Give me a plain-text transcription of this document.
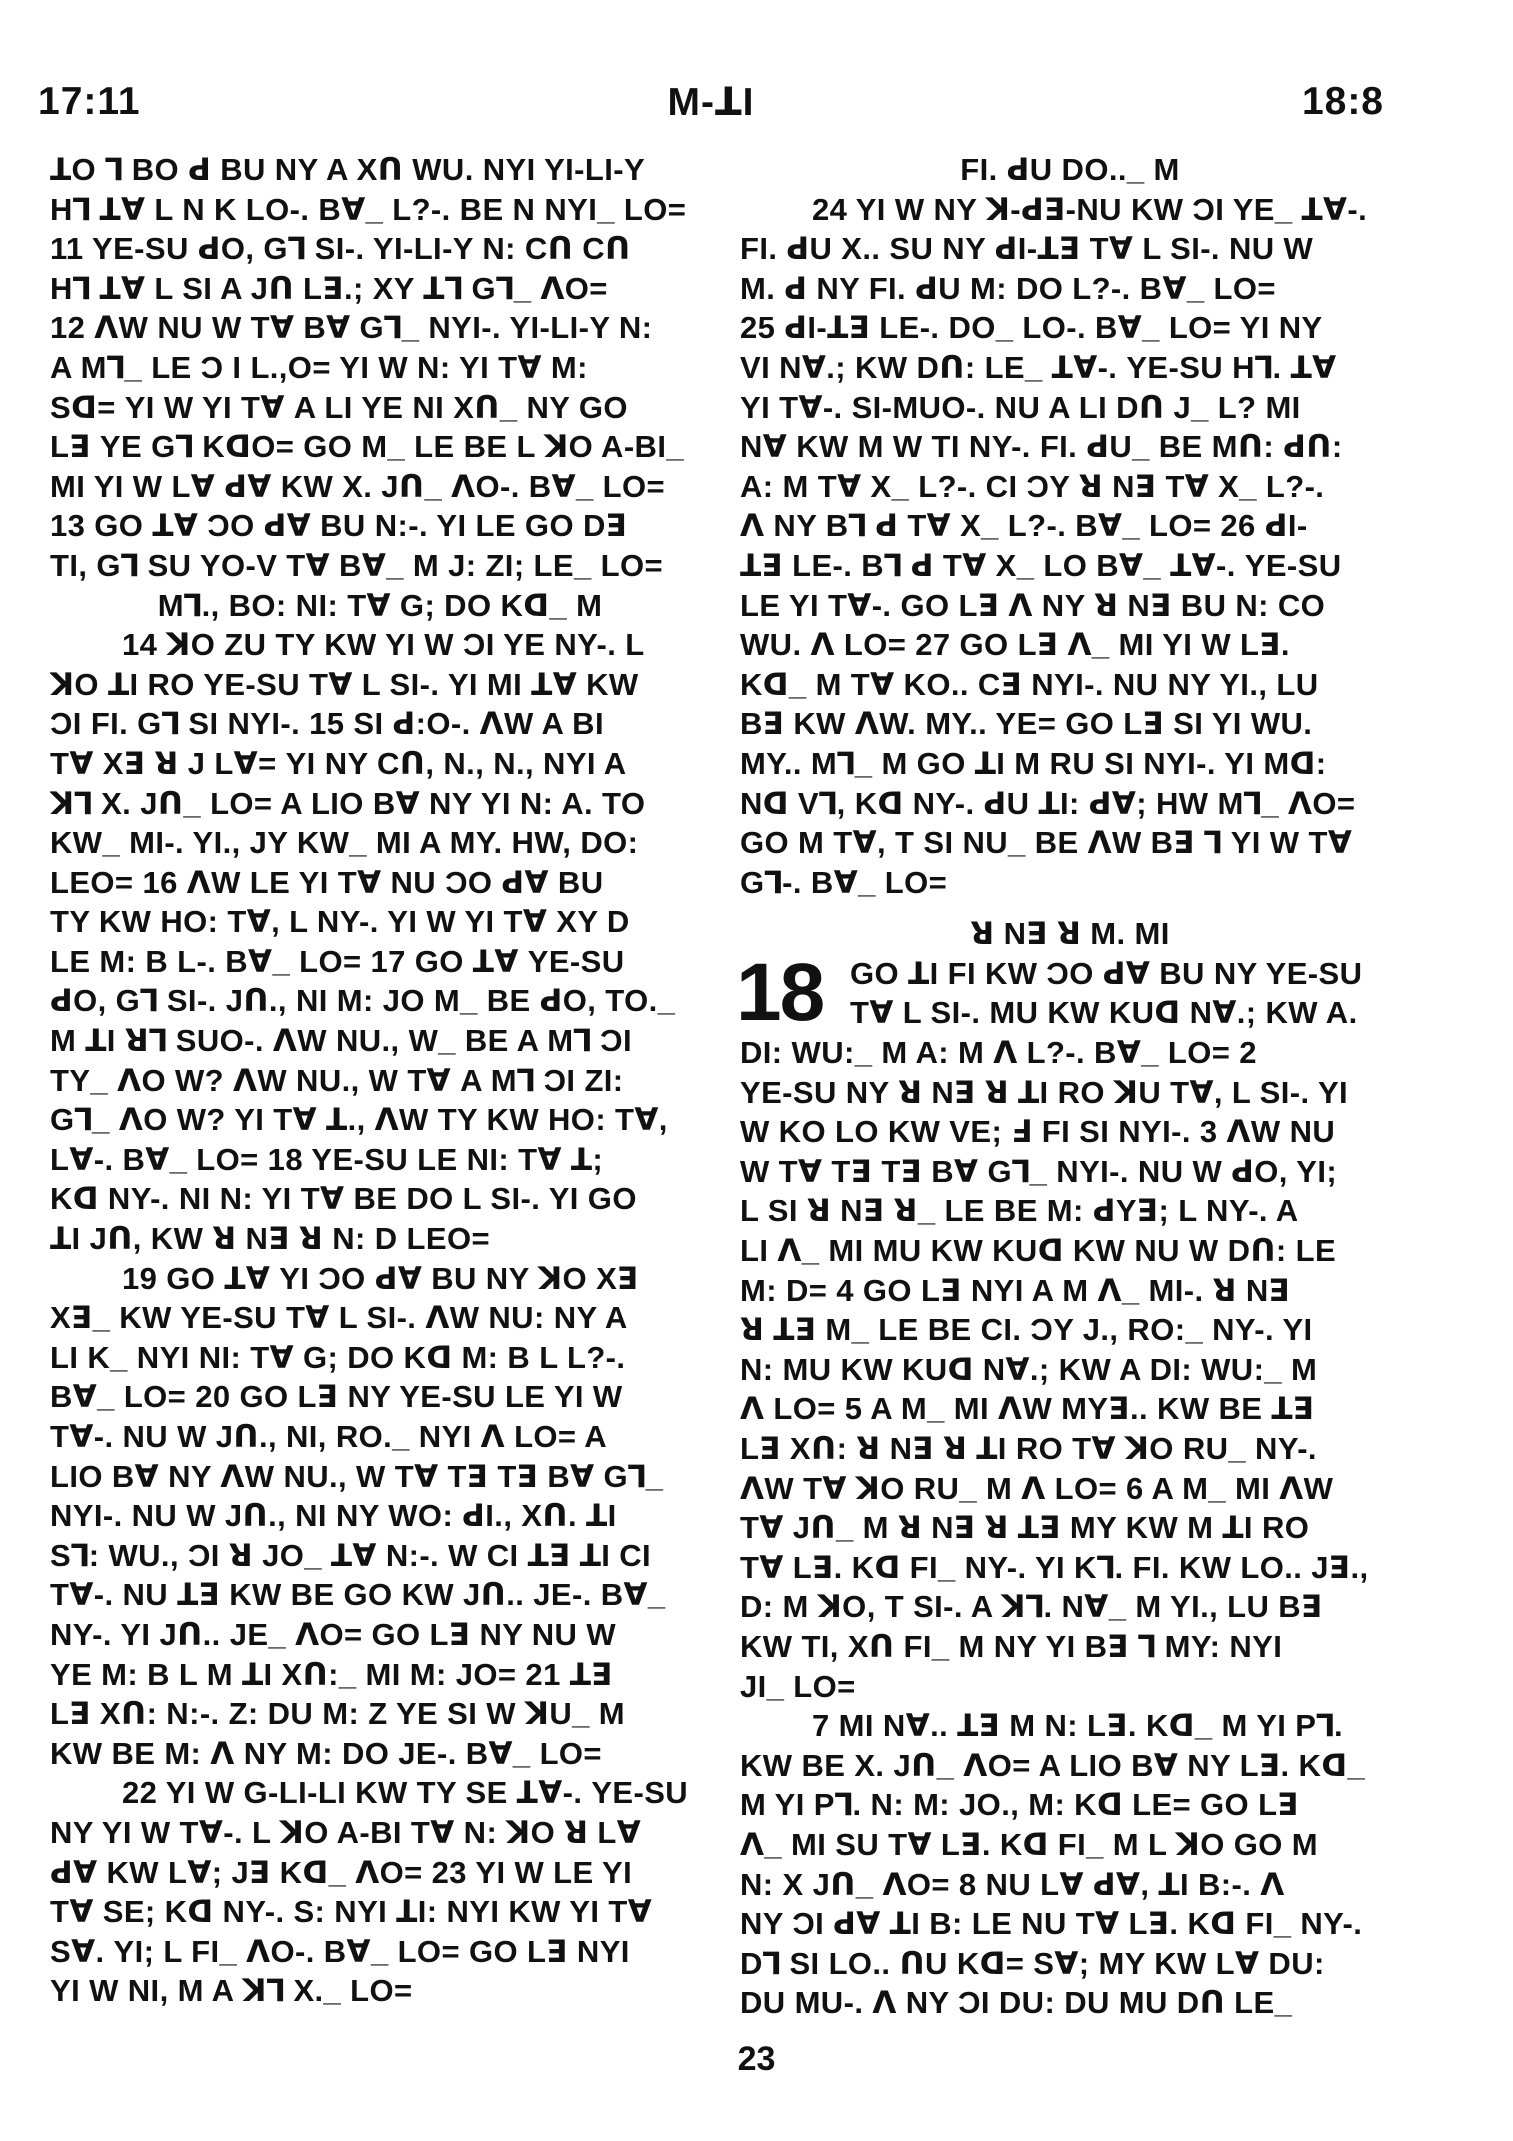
17:11	M-ꓕI	18:8
ꓕO ꓶ BO ꓒ BU NY A Xꓵ WU. NYI YI-LI-Y
Hꓶ ꓕꓯ L N K LO-. Bꓯ_ L?-. BE N NYI_ LO=
11 YE-SU ꓒO, Gꓶ SI-. YI-LI-Y N: Cꓵ Cꓵ
Hꓶ ꓕꓯ L SI A Jꓵ Lꓱ.; XY ꓕꓶ Gꓶ_ ꓥO=
12 ꓥW NU W Tꓯ Bꓯ Gꓶ_ NYI-. YI-LI-Y N:
A Mꓶ_ LE Ɔ I L.,O= YI W N: YI Tꓯ M:
Sꓷ= YI W YI Tꓯ A LI YE NI Xꓵ_ NY GO
Lꓱ YE Gꓶ KꓷO= GO M_ LE BE L ꓘO A-BI_
MI YI W Lꓯ ꓒꓯ KW X. Jꓵ_ ꓥO-. Bꓯ_ LO=
13 GO ꓕꓯ ƆO ꓒꓯ BU N:-. YI LE GO Dꓱ
TI, Gꓶ SU YO-V Tꓯ Bꓯ_ M J: ZI; LE_ LO=
Mꓶ., BO: NI: Tꓯ G; DO Kꓷ_ M
14 ꓘO ZU TY KW YI W ƆI YE NY-. L
ꓘO ꓕI RO YE-SU Tꓯ L SI-. YI MI ꓕꓯ KW
ƆI FI. Gꓶ SI NYI-. 15 SI ꓒ:O-. ꓥW A BI
Tꓯ Xꓱ ꓤ J Lꓯ= YI NY Cꓵ, N., N., NYI A
ꓘꓶ X. Jꓵ_ LO= A LIO Bꓯ NY YI N: A. TO
KW_ MI-. YI., JY KW_ MI A MY. HW, DO:
LEO= 16 ꓥW LE YI Tꓯ NU ƆO ꓒꓯ BU
TY KW HO: Tꓯ, L NY-. YI W YI Tꓯ XY D
LE M: B L-. Bꓯ_ LO= 17 GO ꓕꓯ YE-SU
ꓒO, Gꓶ SI-. Jꓵ., NI M: JO M_ BE ꓒO, TO._
M ꓕI ꓤꓶ SUO-. ꓥW NU., W_ BE A Mꓶ ƆI
TY_ ꓥO W? ꓥW NU., W Tꓯ A Mꓶ ƆI ZI:
Gꓶ_ ꓥO W? YI Tꓯ ꓕ., ꓥW TY KW HO: Tꓯ,
Lꓯ-. Bꓯ_ LO= 18 YE-SU LE NI: Tꓯ ꓕ;
Kꓷ NY-. NI N: YI Tꓯ BE DO L SI-. YI GO
ꓕI Jꓵ, KW ꓤ Nꓱ ꓤ N: D LEO=
19 GO ꓕꓯ YI ƆO ꓒꓯ BU NY ꓘO Xꓱ
Xꓱ_ KW YE-SU Tꓯ L SI-. ꓥW NU: NY A
LI K_ NYI NI: Tꓯ G; DO Kꓷ M: B L L?-.
Bꓯ_ LO= 20 GO Lꓱ NY YE-SU LE YI W
Tꓯ-. NU W Jꓵ., NI, RO._ NYI ꓥ LO= A
LIO Bꓯ NY ꓥW NU., W Tꓯ Tꓱ Tꓱ Bꓯ Gꓶ_
NYI-. NU W Jꓵ., NI NY WO: ꓒI., Xꓵ. ꓕI
Sꓶ: WU., ƆI ꓤ JO_ ꓕꓯ N:-. W CI ꓕꓱ ꓕI CI
Tꓯ-. NU ꓕꓱ KW BE GO KW Jꓵ.. JE-. Bꓯ_
NY-. YI Jꓵ.. JE_ ꓥO= GO Lꓱ NY NU W
YE M: B L M ꓕI Xꓵ:_ MI M: JO= 21 ꓕꓱ
Lꓱ Xꓵ: N:-. Z: DU M: Z YE SI W ꓘU_ M
KW BE M: ꓥ NY M: DO JE-. Bꓯ_ LO=
22 YI W G-LI-LI KW TY SE ꓕꓯ-. YE-SU
NY YI W Tꓯ-. L ꓘO A-BI Tꓯ N: ꓘO ꓤ Lꓯ
ꓒꓯ KW Lꓯ; Jꓱ Kꓷ_ ꓥO= 23 YI W LE YI
Tꓯ SE; Kꓷ NY-. S: NYI ꓕI: NYI KW YI Tꓯ
Sꓯ. YI; L FI_ ꓥO-. Bꓯ_ LO= GO Lꓱ NYI
YI W NI, M A ꓘꓶ X._ LO=
FI. ꓒU DO.._ M
24 YI W NY ꓘ-ꓒꓱ-NU KW ƆI YE_ ꓕꓯ-.
FI. ꓒU X.. SU NY ꓒI-ꓕꓱ Tꓯ L SI-. NU W
M. ꓒ NY FI. ꓒU M: DO L?-. Bꓯ_ LO=
25 ꓒI-ꓕꓱ LE-. DO_ LO-. Bꓯ_ LO= YI NY
VI Nꓯ.; KW Dꓵ: LE_ ꓕꓯ-. YE-SU Hꓶ. ꓕꓯ
YI Tꓯ-. SI-MUO-. NU A LI Dꓵ J_ L? MI
Nꓯ KW M W TI NY-. FI. ꓒU_ BE Mꓵ: ꓒꓵ:
A: M Tꓯ X_ L?-. CI ƆY ꓤ Nꓱ Tꓯ X_ L?-.
ꓥ NY Bꓶ ꓒ Tꓯ X_ L?-. Bꓯ_ LO= 26 ꓒI-
ꓕꓱ LE-. Bꓶ ꓒ Tꓯ X_ LO Bꓯ_ ꓕꓯ-. YE-SU
LE YI Tꓯ-. GO Lꓱ ꓥ NY ꓤ Nꓱ BU N: CO
WU. ꓥ LO= 27 GO Lꓱ ꓥ_ MI YI W Lꓱ.
Kꓷ_ M Tꓯ KO.. Cꓱ NYI-. NU NY YI., LU
Bꓱ KW ꓥW. MY.. YE= GO Lꓱ SI YI WU.
MY.. Mꓶ_ M GO ꓕI M RU SI NYI-. YI Mꓷ:
Nꓷ Vꓶ, Kꓷ NY-. ꓒU ꓕI: ꓒꓯ; HW Mꓶ_ ꓥO=
GO M Tꓯ, T SI NU_ BE ꓥW Bꓱ ꓶ YI W Tꓯ
Gꓶ-. Bꓯ_ LO=
ꓤ Nꓱ ꓤ M. MI
18 GO ꓕI FI KW ƆO ꓒꓯ BU NY YE-SU
Tꓯ L SI-. MU KW KUꓷ Nꓯ.; KW A.
DI: WU:_ M A: M ꓥ L?-. Bꓯ_ LO= 2
YE-SU NY ꓤ Nꓱ ꓤ ꓕI RO ꓘU Tꓯ, L SI-. YI
W KO LO KW VE; Ⅎ FI SI NYI-. 3 ꓥW NU
W Tꓯ Tꓱ Tꓱ Bꓯ Gꓶ_ NYI-. NU W ꓒO, YI;
L SI ꓤ Nꓱ ꓤ_ LE BE M: ꓒYꓱ; L NY-. A
LI ꓥ_ MI MU KW KUꓷ KW NU W Dꓵ: LE
M: D= 4 GO Lꓱ NYI A M ꓥ_ MI-. ꓤ Nꓱ
ꓤ ꓕꓱ M_ LE BE CI. ƆY J., RO:_ NY-. YI
N: MU KW KUꓷ Nꓯ.; KW A DI: WU:_ M
ꓥ LO= 5 A M_ MI ꓥW MYꓱ.. KW BE ꓕꓱ
Lꓱ Xꓵ: ꓤ Nꓱ ꓤ ꓕI RO Tꓯ ꓘO RU_ NY-.
ꓥW Tꓯ ꓘO RU_ M ꓥ LO= 6 A M_ MI ꓥW
Tꓯ Jꓵ_ M ꓤ Nꓱ ꓤ ꓕꓱ MY KW M ꓕI RO
Tꓯ Lꓱ. Kꓷ FI_ NY-. YI Kꓶ. FI. KW LO.. Jꓱ.,
D: M ꓘO, T SI-. A ꓘꓶ. Nꓯ_ M YI., LU Bꓱ
KW TI, Xꓵ FI_ M NY YI Bꓱ ꓶ MY: NYI
JI_ LO=
7 MI Nꓯ.. ꓕꓱ M N: Lꓱ. Kꓷ_ M YI Pꓶ.
KW BE X. Jꓵ_ ꓥO= A LIO Bꓯ NY Lꓱ. Kꓷ_
M YI Pꓶ. N: M: JO., M: Kꓷ LE= GO Lꓱ
ꓥ_ MI SU Tꓯ Lꓱ. Kꓷ FI_ M L ꓘO GO M
N: X Jꓵ_ ꓥO= 8 NU Lꓯ ꓒꓯ, ꓕI B:-. ꓥ
NY ƆI ꓒꓯ ꓕI B: LE NU Tꓯ Lꓱ. Kꓷ FI_ NY-.
Dꓶ SI LO.. ꓵU Kꓷ= Sꓯ; MY KW Lꓯ DU:
DU MU-. ꓥ NY ƆI DU: DU MU Dꓵ LE_
23
